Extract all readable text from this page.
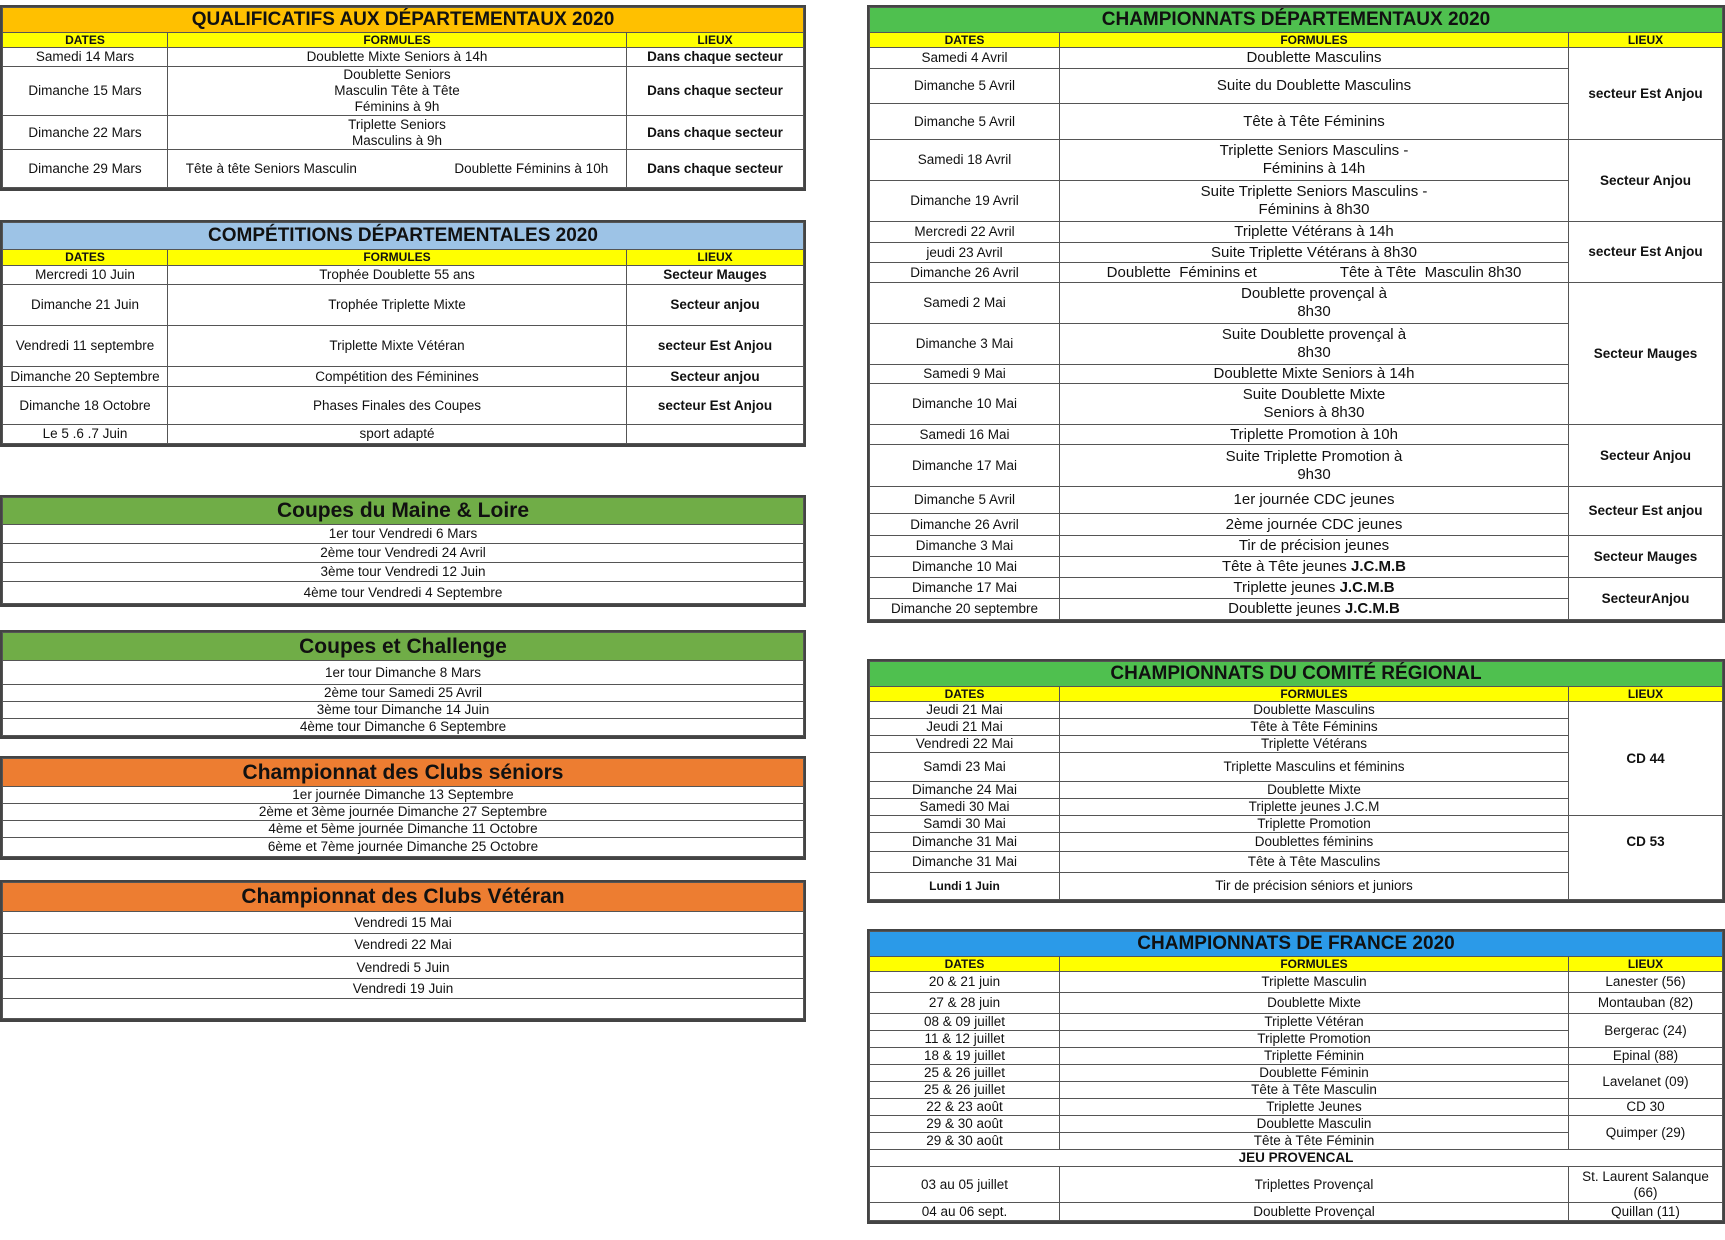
QUALIFICATIFS AUX DÉPARTEMENTAUX 2020		
DATES	FORMULES	LIEUX
Samedi 14 Mars	Doublette Mixte Seniors à 14h	Dans chaque secteur
Dimanche 15 Mars	Doublette Seniors Masculin Tête à Tête Féminins à 9h	Dans chaque secteur
Dimanche 22 Mars	Triplette Seniors Masculins à 9h	Dans chaque secteur
Dimanche 29 Mars	Tête à tête Seniors Masculin                          Doublette Féminins à 10h	Dans chaque secteur
COMPÉTITIONS DÉPARTEMENTALES 2020		
DATES	FORMULES	LIEUX
Mercredi 10 Juin	Trophée Doublette 55 ans	Secteur Mauges
Dimanche 21 Juin	Trophée Triplette Mixte	Secteur anjou
Vendredi 11 septembre	Triplette Mixte Vétéran	secteur Est Anjou
Dimanche 20 Septembre	Compétition des Féminines	Secteur anjou
Dimanche 18 Octobre	Phases Finales des Coupes	secteur Est Anjou
Le 5 .6 .7 Juin	sport adapté	
Coupes du Maine & Loire
1er tour Vendredi 6 Mars
2ème tour Vendredi 24 Avril
3ème tour Vendredi 12 Juin
4ème tour Vendredi 4 Septembre
Coupes et Challenge
1er tour Dimanche 8 Mars
2ème tour Samedi 25 Avril
3ème tour Dimanche 14 Juin
4ème tour Dimanche 6 Septembre
Championnat des Clubs séniors
1er journée Dimanche 13 Septembre
2ème et 3ème journée Dimanche 27 Septembre
4ème et 5ème journée Dimanche 11 Octobre
6ème et 7ème journée Dimanche 25 Octobre
Championnat des Clubs Vétéran
Vendredi 15 Mai
Vendredi 22 Mai
Vendredi 5 Juin
Vendredi 19 Juin

CHAMPIONNATS DÉPARTEMENTAUX 2020		
DATES	FORMULES	LIEUX
Samedi 4 Avril	Doublette Masculins	secteur Est Anjou
Dimanche 5 Avril	Suite du Doublette Masculins	
Dimanche 5 Avril	Tête à Tête Féminins	
Samedi 18 Avril	Triplette Seniors Masculins - Féminins à 14h	Secteur Anjou
Dimanche 19 Avril	Suite Triplette Seniors Masculins - Féminins à 8h30	
Mercredi 22 Avril	Triplette Vétérans à 14h	secteur Est Anjou
jeudi 23 Avril	Suite Triplette Vétérans à 8h30	
Dimanche 26 Avril	Doublette  Féminins et                    Tête à Tête  Masculin 8h30	
Samedi 2 Mai	Doublette provençal à 8h30	Secteur Mauges
Dimanche 3 Mai	Suite Doublette provençal à 8h30	
Samedi 9 Mai	Doublette Mixte Seniors à 14h	
Dimanche 10 Mai	Suite Doublette Mixte Seniors à 8h30	
Samedi 16 Mai	Triplette Promotion à 10h	Secteur Anjou
Dimanche 17 Mai	Suite Triplette Promotion à 9h30	
Dimanche 5 Avril	1er journée CDC jeunes	Secteur Est anjou
Dimanche 26 Avril	2ème journée CDC jeunes	
Dimanche 3 Mai	Tir de précision jeunes	Secteur Mauges
Dimanche 10 Mai	Tête à Tête jeunes J.C.M.B	
Dimanche 17 Mai	Triplette jeunes J.C.M.B	SecteurAnjou
Dimanche 20 septembre	Doublette jeunes J.C.M.B	
CHAMPIONNATS DU COMITÉ RÉGIONAL		
DATES	FORMULES	LIEUX
Jeudi 21 Mai	Doublette Masculins	CD 44
Jeudi 21 Mai	Tête à Tête Féminins	
Vendredi 22 Mai	Triplette Vétérans	
Samdi 23 Mai	Triplette Masculins et féminins	
Dimanche 24 Mai	Doublette Mixte	
Samedi 30 Mai	Triplette jeunes J.C.M	
Samdi 30 Mai	Triplette Promotion	CD 53
Dimanche 31 Mai	Doublettes féminins	
Dimanche 31 Mai	Tête à Tête Masculins	
Lundi 1 Juin	Tir de précision séniors et juniors	
CHAMPIONNATS DE FRANCE 2020		
DATES	FORMULES	LIEUX
20 & 21 juin	Triplette Masculin	Lanester (56)
27 & 28 juin	Doublette Mixte	Montauban (82)
08 & 09 juillet	Triplette Vétéran	Bergerac (24)
11 & 12 juillet	Triplette Promotion	
18 & 19 juillet	Triplette Féminin	Epinal (88)
25 & 26 juillet	Doublette Féminin	Lavelanet (09)
25 & 26 juillet	Tête à Tête Masculin	
22 & 23 août	Triplette Jeunes	CD 30
29 & 30 août	Doublette Masculin	Quimper (29)
29 & 30 août	Tête à Tête Féminin	
JEU PROVENCAL		
03 au 05 juillet	Triplettes Provençal	St. Laurent Salanque (66)
04 au 06 sept.	Doublette Provençal	Quillan (11)
